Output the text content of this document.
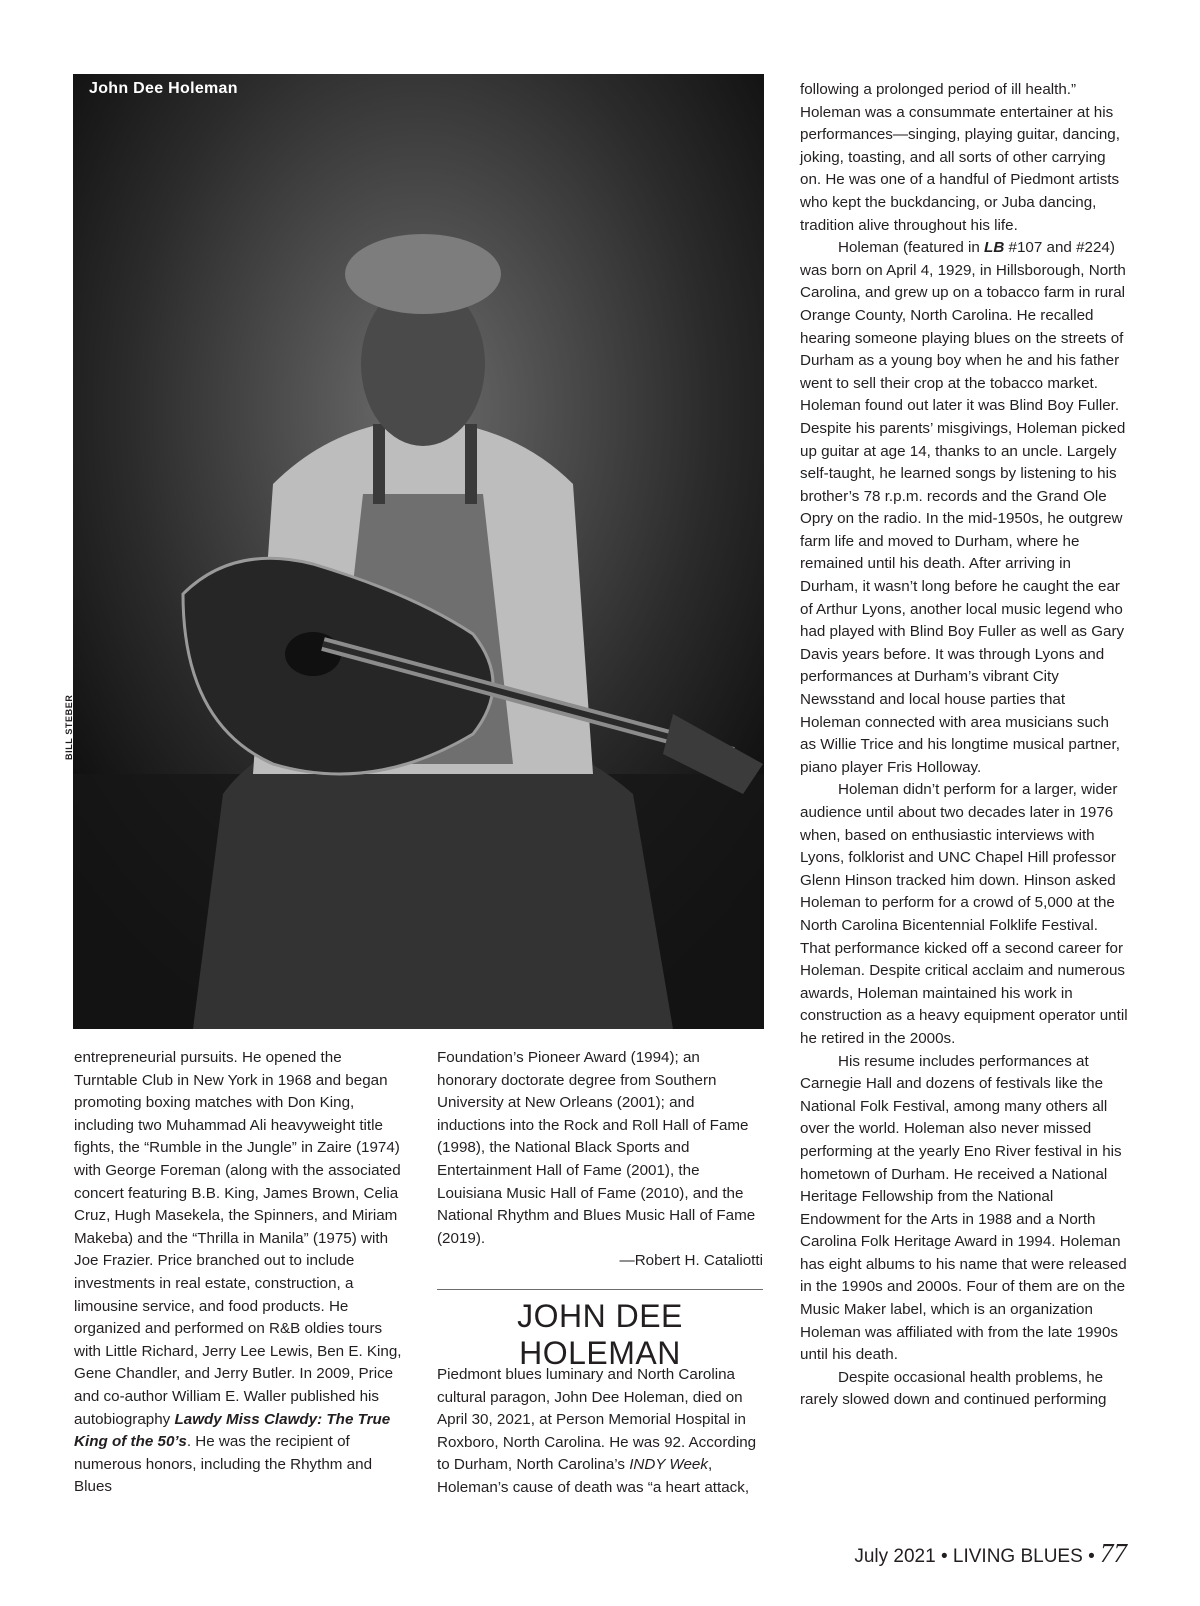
John Dee Holeman
BILL STEBER

entrepreneurial pursuits. He opened the Turntable Club in New York in 1968 and began promoting boxing matches with Don King, including two Muhammad Ali heavyweight title fights, the “Rumble in the Jungle” in Zaire (1974) with George Foreman (along with the associated concert featuring B.B. King, James Brown, Celia Cruz, Hugh Masekela, the Spinners, and Miriam Makeba) and the “Thrilla in Manila” (1975) with Joe Frazier. Price branched out to include investments in real estate, construction, a limousine service, and food products. He organized and performed on R&B oldies tours with Little Richard, Jerry Lee Lewis, Ben E. King, Gene Chandler, and Jerry Butler. In 2009, Price and co-author William E. Waller published his autobiography Lawdy Miss Clawdy: The True King of the 50’s. He was the recipient of numerous honors, including the Rhythm and Blues

Foundation’s Pioneer Award (1994); an honorary doctorate degree from Southern University at New Orleans (2001); and inductions into the Rock and Roll Hall of Fame (1998), the National Black Sports and Entertainment Hall of Fame (2001), the Louisiana Music Hall of Fame (2010), and the National Rhythm and Blues Music Hall of Fame (2019).

—Robert H. Cataliotti

JOHN DEE HOLEMAN

Piedmont blues luminary and North Carolina cultural paragon, John Dee Holeman, died on April 30, 2021, at Person Memorial Hospital in Roxboro, North Carolina. He was 92. According to Durham, North Carolina’s INDY Week, Holeman’s cause of death was “a heart attack,

following a prolonged period of ill health.” Holeman was a consummate entertainer at his performances—singing, playing guitar, dancing, joking, toasting, and all sorts of other carrying on. He was one of a handful of Piedmont artists who kept the buckdancing, or Juba dancing, tradition alive throughout his life.

Holeman (featured in LB #107 and #224) was born on April 4, 1929, in Hillsborough, North Carolina, and grew up on a tobacco farm in rural Orange County, North Carolina. He recalled hearing someone playing blues on the streets of Durham as a young boy when he and his father went to sell their crop at the tobacco market. Holeman found out later it was Blind Boy Fuller. Despite his parents’ misgivings, Holeman picked up guitar at age 14, thanks to an uncle. Largely self-taught, he learned songs by listening to his brother’s 78 r.p.m. records and the Grand Ole Opry on the radio. In the mid-1950s, he outgrew farm life and moved to Durham, where he remained until his death. After arriving in Durham, it wasn’t long before he caught the ear of Arthur Lyons, another local music legend who had played with Blind Boy Fuller as well as Gary Davis years before. It was through Lyons and performances at Durham’s vibrant City Newsstand and local house parties that Holeman connected with area musicians such as Willie Trice and his longtime musical partner, piano player Fris Holloway.

Holeman didn’t perform for a larger, wider audience until about two decades later in 1976 when, based on enthusiastic interviews with Lyons, folklorist and UNC Chapel Hill professor Glenn Hinson tracked him down. Hinson asked Holeman to perform for a crowd of 5,000 at the North Carolina Bicentennial Folklife Festival. That performance kicked off a second career for Holeman. Despite critical acclaim and numerous awards, Holeman maintained his work in construction as a heavy equipment operator until he retired in the 2000s.

His resume includes performances at Carnegie Hall and dozens of festivals like the National Folk Festival, among many others all over the world. Holeman also never missed performing at the yearly Eno River festival in his hometown of Durham. He received a National Heritage Fellowship from the National Endowment for the Arts in 1988 and a North Carolina Folk Heritage Award in 1994. Holeman has eight albums to his name that were released in the 1990s and 2000s. Four of them are on the Music Maker label, which is an organization Holeman was affiliated with from the late 1990s until his death.

Despite occasional health problems, he rarely slowed down and continued performing

July 2021 • LIVING BLUES • 77
